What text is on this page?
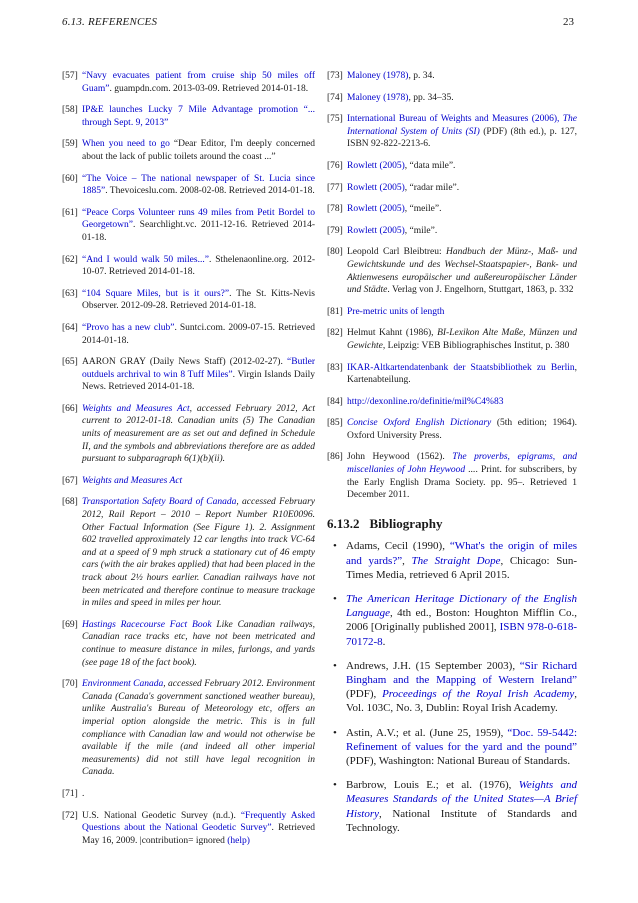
6.13. REFERENCES	23
[57] “Navy evacuates patient from cruise ship 50 miles off Guam”. guampdn.com. 2013-03-09. Retrieved 2014-01-18.
[58] IP&E launches Lucky 7 Mile Advantage promotion “... through Sept. 9, 2013”
[59] When you need to go “Dear Editor, I'm deeply concerned about the lack of public toilets around the coast ...”
[60] “The Voice – The national newspaper of St. Lucia since 1885”. Thevoiceslu.com. 2008-02-08. Retrieved 2014-01-18.
[61] “Peace Corps Volunteer runs 49 miles from Petit Bordel to Georgetown”. Searchlight.vc. 2011-12-16. Retrieved 2014-01-18.
[62] “And I would walk 50 miles...”. Sthelenaonline.org. 2012-10-07. Retrieved 2014-01-18.
[63] “104 Square Miles, but is it ours?”. The St. Kitts-Nevis Observer. 2012-09-28. Retrieved 2014-01-18.
[64] “Provo has a new club”. Suntci.com. 2009-07-15. Retrieved 2014-01-18.
[65] AARON GRAY (Daily News Staff) (2012-02-27). “Butler outduels archrival to win 8 Tuff Miles”. Virgin Islands Daily News. Retrieved 2014-01-18.
[66] Weights and Measures Act, accessed February 2012, Act current to 2012-01-18. Canadian units (5) The Canadian units of measurement are as set out and defined in Schedule II, and the symbols and abbreviations therefore are as added pursuant to subparagraph 6(1)(b)(ii).
[67] Weights and Measures Act
[68] Transportation Safety Board of Canada, accessed February 2012, Rail Report – 2010 – Report Number R10E0096. Other Factual Information (See Figure 1). 2. Assignment 602 travelled approximately 12 car lengths into track VC-64 and at a speed of 9 mph struck a stationary cut of 46 empty cars (with the air brakes applied) that had been placed in the track about 2½ hours earlier. Canadian railways have not been metricated and therefore continue to measure trackage in miles and speed in miles per hour.
[69] Hastings Racecourse Fact Book Like Canadian railways, Canadian race tracks etc, have not been metricated and continue to measure distance in miles, furlongs, and yards (see page 18 of the fact book).
[70] Environment Canada, accessed February 2012. Environment Canada (Canada's government sanctioned weather bureau), unlike Australia's Bureau of Meteorology etc, offers an imperial option alongside the metric. This is in full compliance with Canadian law and would not otherwise be available if the mile (and indeed all other imperial measurements) did not still have legal recognition in Canada.
[71] .
[72] U.S. National Geodetic Survey (n.d.). “Frequently Asked Questions about the National Geodetic Survey”. Retrieved May 16, 2009. |contribution= ignored (help)
[73] Maloney (1978), p. 34.
[74] Maloney (1978), pp. 34–35.
[75] International Bureau of Weights and Measures (2006), The International System of Units (SI) (PDF) (8th ed.), p. 127, ISBN 92-822-2213-6.
[76] Rowlett (2005), “data mile”.
[77] Rowlett (2005), “radar mile”.
[78] Rowlett (2005), “meile”.
[79] Rowlett (2005), “mile”.
[80] Leopold Carl Bleibtreu: Handbuch der Münz-, Maß- und Gewichtskunde und des Wechsel-Staatspapier-, Bank- und Aktienwesens europäischer und außereuropäischer Länder und Städte. Verlag von J. Engelhorn, Stuttgart, 1863, p. 332
[81] Pre-metric units of length
[82] Helmut Kahnt (1986), BI-Lexikon Alte Maße, Münzen und Gewichte, Leipzig: VEB Bibliographisches Institut, p. 380
[83] IKAR-Altkartendatenbank der Staatsbibliothek zu Berlin, Kartenabteilung.
[84] http://dexonline.ro/definitie/mil%C4%83
[85] Concise Oxford English Dictionary (5th edition; 1964). Oxford University Press.
[86] John Heywood (1562). The proverbs, epigrams, and miscellanies of John Heywood .... Print. for subscribers, by the Early English Drama Society. pp. 95–. Retrieved 1 December 2011.
6.13.2 Bibliography
• Adams, Cecil (1990), “What's the origin of miles and yards?”, The Straight Dope, Chicago: Sun-Times Media, retrieved 6 April 2015.
• The American Heritage Dictionary of the English Language, 4th ed., Boston: Houghton Mifflin Co., 2006 [Originally published 2001], ISBN 978-0-618-70172-8.
• Andrews, J.H. (15 September 2003), “Sir Richard Bingham and the Mapping of Western Ireland” (PDF), Proceedings of the Royal Irish Academy, Vol. 103C, No. 3, Dublin: Royal Irish Academy.
• Astin, A.V.; et al. (June 25, 1959), “Doc. 59-5442: Refinement of values for the yard and the pound” (PDF), Washington: National Bureau of Standards.
• Barbrow, Louis E.; et al. (1976), Weights and Measures Standards of the United States—A Brief History, National Institute of Standards and Technology.
